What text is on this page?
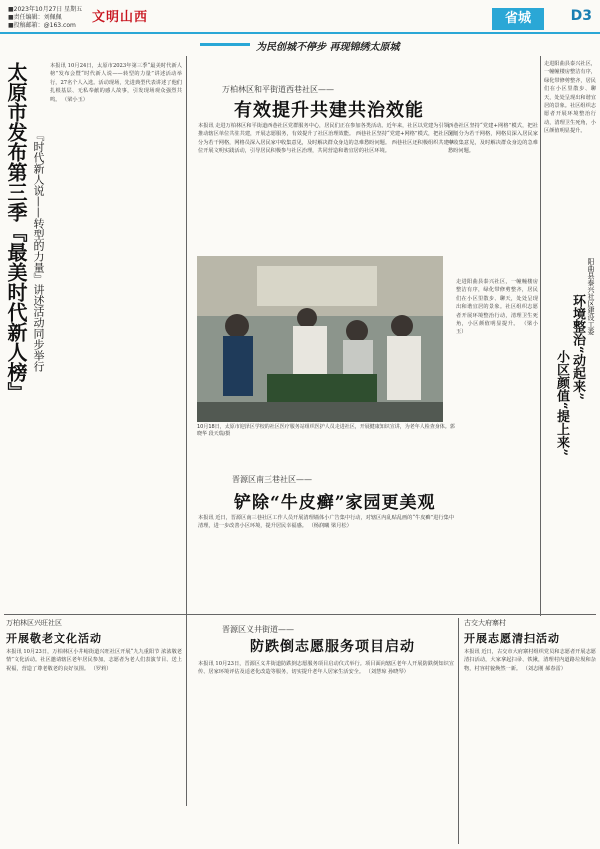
■2023年10月27日 星期五
■责任编辑：刘佩佩
■投稿邮箱：@163.com
文明山西	省城	D3
为民创城不停步 再现锦绣太原城
太原市发布第三季『最美时代新人榜』 『时代新人说——转型的力量』讲述活动同步举行
本报讯 10月24日，太原市2023年第三季“最美时代新人榜”发布会暨“时代新人说——转型的力量”讲述活动举行，27名个人入选。活动现场，先进典型代表讲述了他们扎根基层、无私奉献的感人故事，引发现场观众强烈共鸣。 （梁小玉）
万柏林区和平街道西巷社区——
有效提升共建共治效能
本报讯 走进万柏林区和平街道西巷社区党群服务中心，居民们正在参加各类活动。近年来，社区以党建为引领，推动辖区单位共驻共建，开展志愿服务，有效提升了社区治理效能。 西巷社区坚持“党建+网格”模式，把社区划分为若干网格，网格员深入居民家中收集意见，及时解决群众身边的急难愁盼问题。 西巷社区还积极组织共建单位开展文明实践活动，引导居民积极参与社区治理，共同营造和谐宜居的社区环境。
10月18日，太原市迎泽区学校的社区医疗服务站组织医护人员走进社区，开展健康知识宣讲，为老年人检查身体。郭晓华 段天瑞/摄
西巷社区坚持“党建+网格”模式，把社区划分为若干网格，网格员深入居民家中收集意见，及时解决群众身边的急难愁盼问题。
走进阳曲县泰兴社区，一幢幢楼房整洁有序，绿化带修剪整齐，居民们在小区里散步、聊天，处处呈现出和谐宜居的景象。社区组织志愿者开展环境整治行动，清理卫生死角，小区颜值明显提升。
阳曲县泰兴社区建设工委
环境整治“动起来”
小区颜值“提上来”
走进阳曲县泰兴社区，一幢幢楼房整洁有序，绿化带修剪整齐，居民们在小区里散步、聊天，处处呈现出和谐宜居的景象。社区组织志愿者开展环境整治行动，清理卫生死角，小区颜值明显提升。 （梁小玉）
晋源区南三巷社区——
铲除“牛皮癣”家园更美观
本报讯 近日，晋源区南三巷社区工作人员开展清理墙体小广告集中行动，对辖区内乱贴乱画的“牛皮癣”进行集中清理，进一步改善小区环境，提升居民幸福感。 （杨润曦 梁月松）
万柏林区兴旺社区
开展敬老文化活动
本报讯 10月23日，万柏林区小井峪街道兴旺社区开展“九九重阳节 浓浓敬老情”文化活动。社区邀请辖区老年居民参加，志愿者为老人们表演节目、送上祝福，营造了尊老敬老的良好氛围。 （罗莉）
晋源区义井街道——
防跌倒志愿服务项目启动
本报讯 10月23日，晋源区义井街道防跌倒志愿服务项目启动仪式举行。项目面向辖区老年人开展防跌倒知识宣传、居家环境评估及适老化改造等服务，切实提升老年人居家生活安全。 （刘慧琼 孙晓琴）
古交大府寨村
开展志愿清扫活动
本报讯 近日，古交市大府寨村组织党员和志愿者开展志愿清扫活动，大家拿起扫帚、铁锹，清理村内道路垃圾和杂物，村容村貌焕然一新。 （刘志刚 郝春雷）
